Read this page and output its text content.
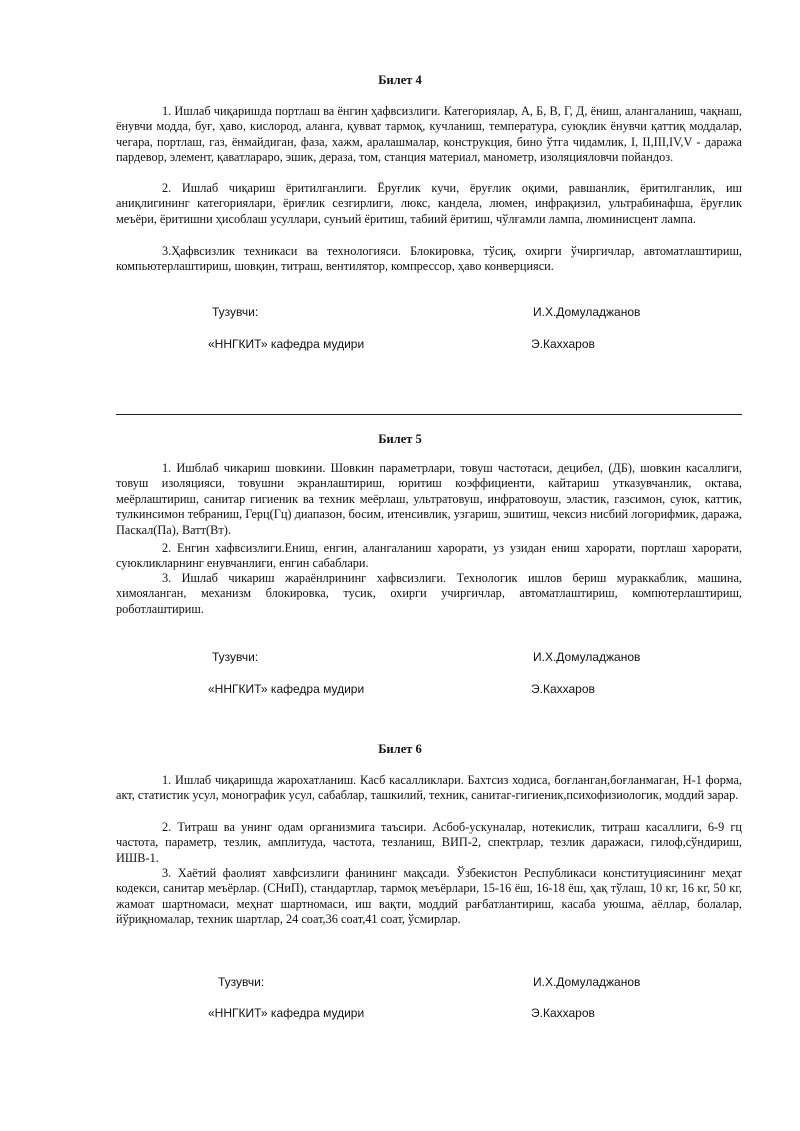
Билет 4

1. Ишлаб чиқаришда портлаш ва ёнгин ҳафвсизлиги. Категориялар, А, Б, В, Г, Д, ёниш, алангаланиш, чақнаш, ёнувчи модда, буғ, ҳаво, кислород, аланга, қувват тармоқ, кучланиш, температура, суюқлик ёнувчи қаттиқ моддалар, чегара, портлаш, газ, ёнмайдиган, фаза, хажм, аралашмалар, конструкция, бино ўтга чидамлик, I, II,III,IV,V - даража пардевор, элемент, қаватлараро, эшик, дераза, том, станция материал, манометр, изоляцияловчи пойандоз.

2. Ишлаб чиқариш ёритилганлиги. Ёруғлик кучи, ёруғлик оқими, равшанлик, ёритилганлик, иш аниқлигининг категориялари, ёриғлик сезгирлиги, люкс, кандела, люмен, инфрақизил, ультрабинафша, ёруғлик меъёри, ёритишни ҳисоблаш усуллари, сунъий ёритиш, табиий ёритиш, чўлғамли лампа, люминисцент лампа.

3.Ҳафвсизлик техникаси ва технологияси. Блокировка, тўсиқ, охирги ўчиргичлар, автоматлаштириш, компьютерлаштириш, шовқин, титраш, вентилятор, компрессор, ҳаво конверцияси.

Тузувчи:	И.Х.Домуладжанов
«ННГКИТ» кафедра мудири	Э.Каххаров
Билет 5

1. Ишблаб чикариш шовкини. Шовкин параметрлари, товуш частотаси, децибел, (ДБ), шовкин касаллиги, товуш изоляцияси, товушни экранлаштириш, юритиш коэффициенти, кайтариш утказувчанлик, октава, меёрлаштириш, санитар гигиеник ва техник меёрлаш, ультратовуш, инфратовоуш, эластик, газсимон, суюк, каттик, тулкинсимон тебраниш, Герц(Гц) диапазон, босим, итенсивлик, узгариш, эшитиш, чексиз нисбий логорифмик, даража, Паскал(Па), Ватт(Вт).

2. Енгин хафвсизлиги.Ениш, енгин, алангаланиш харорати, уз узидан ениш харорати, портлаш харорати, суюкликларнинг енувчанлиги, енгин сабаблари.

3. Ишлаб чикариш жараёнлрининг хафвсизлиги. Технологик ишлов бериш мураккаблик, машина, химояланган, механизм блокировка, тусик, охирги учиргичлар, автоматлаштириш, компютерлаштириш, роботлаштириш.

Тузувчи:	И.Х.Домуладжанов
«ННГКИТ» кафедра мудири	Э.Каххаров
Билет 6

1. Ишлаб чиқаришда жарохатланиш. Касб касалликлари. Бахтсиз ходиса, боғланган,боғланмаган, Н-1 форма, акт, статистик усул, монографик усул, сабаблар, ташкилий, техник, санитаг-гигиеник,психофизиологик, моддий зарар.

2. Титраш ва унинг одам организмига таъсири. Асбоб-ускуналар, нотекислик, титраш касаллиги, 6-9 гц частота, параметр, тезлик, амплитуда, частота, тезланиш, ВИП-2, спектрлар, тезлик даражаси, гилоф,сўндириш, ИШВ-1.

3. Хаётий фаолият хавфсизлиги фанининг мақсади. Ўзбекистон Республикаси конституциясининг меҳат кодекси, санитар меъёрлар. (СНиП), стандартлар, тармоқ меъёрлари, 15-16 ёш, 16-18 ёш, ҳақ тўлаш, 10 кг, 16 кг, 50 кг, жамоат шартномаси, меҳнат шартномаси, иш вақти, моддий рағбатлантириш, касаба уюшма, аёллар, болалар, йўриқномалар, техник шартлар, 24 соат,36 соат,41 соат, ўсмирлар.

Тузувчи:	И.Х.Домуладжанов
«ННГКИТ» кафедра мудири	Э.Каххаров
